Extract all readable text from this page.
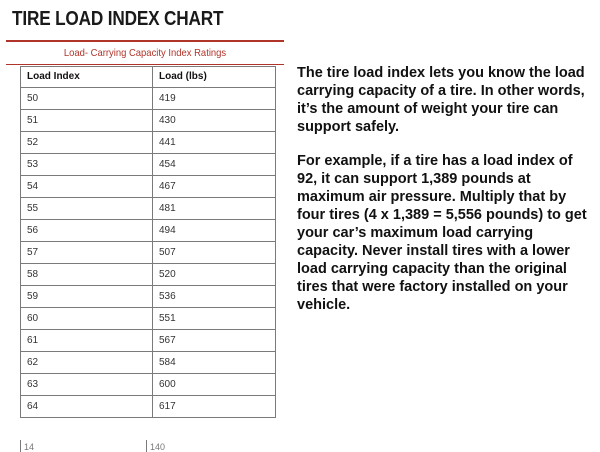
TIRE LOAD INDEX CHART
Load- Carrying Capacity Index Ratings
Load Index	Load (lbs)
50	419
51	430
52	441
53	454
54	467
55	481
56	494
57	507
58	520
59	536
60	551
61	567
62	584
63	600
64	617
14	140

The tire load index lets you know the load carrying capacity of a tire. In other words, it’s the amount of weight your tire can support safely.

For example, if a tire has a load index of 92, it can support 1,389 pounds at maximum air pressure. Multiply that by four tires (4 x 1,389 = 5,556 pounds) to get your car’s maximum load carrying capacity. Never install tires with a lower load carrying capacity than the original tires that were factory installed on your vehicle.
